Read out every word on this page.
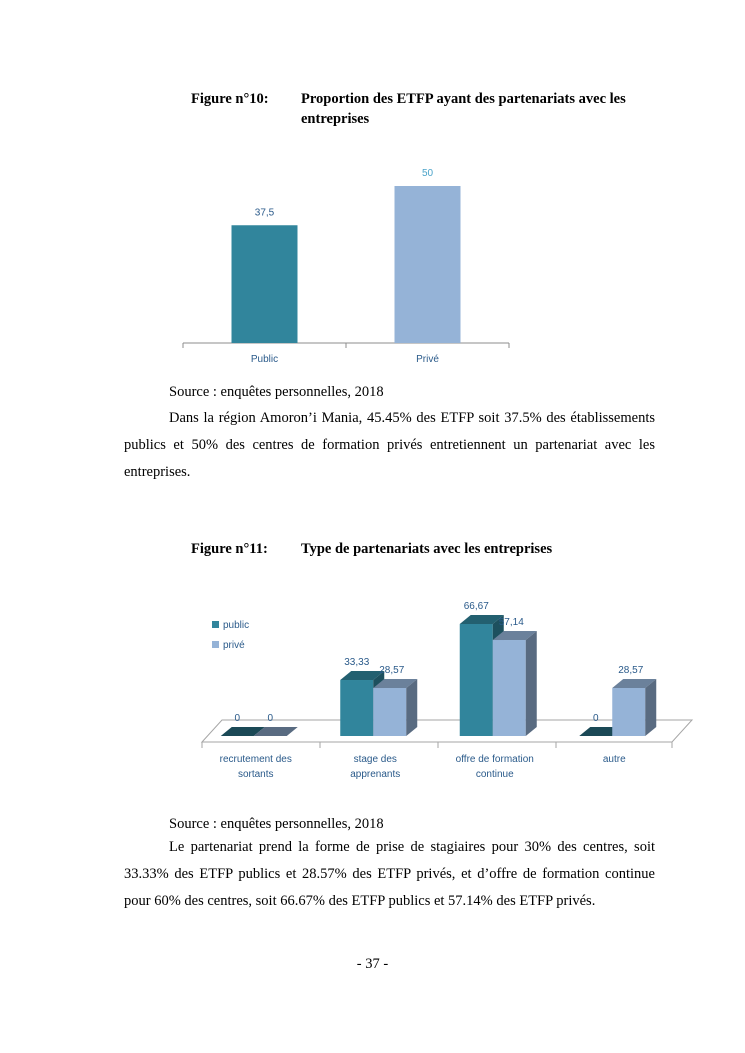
Figure n°10: Proportion des ETFP ayant des partenariats avec les entreprises
37,5
Public
50
Privé
Source : enquêtes personnelles, 2018

Dans la région Amoron’i Mania, 45.45% des ETFP soit 37.5% des établissements publics et 50% des centres de formation privés entretiennent un partenariat avec les entreprises.

Figure n°11: Type de partenariats avec les entreprises
0	0
recrutement des sortants
33,33
28,57
stage des apprenants
66,67
57,14
offre de formation continue
0
28,57
autre
public
privé
Source : enquêtes personnelles, 2018

Le partenariat prend la forme de prise de stagiaires pour 30% des centres, soit 33.33% des ETFP publics et 28.57% des ETFP privés, et d’offre de formation continue pour 60% des centres, soit 66.67% des ETFP publics et 57.14% des ETFP privés.

- 37 -
